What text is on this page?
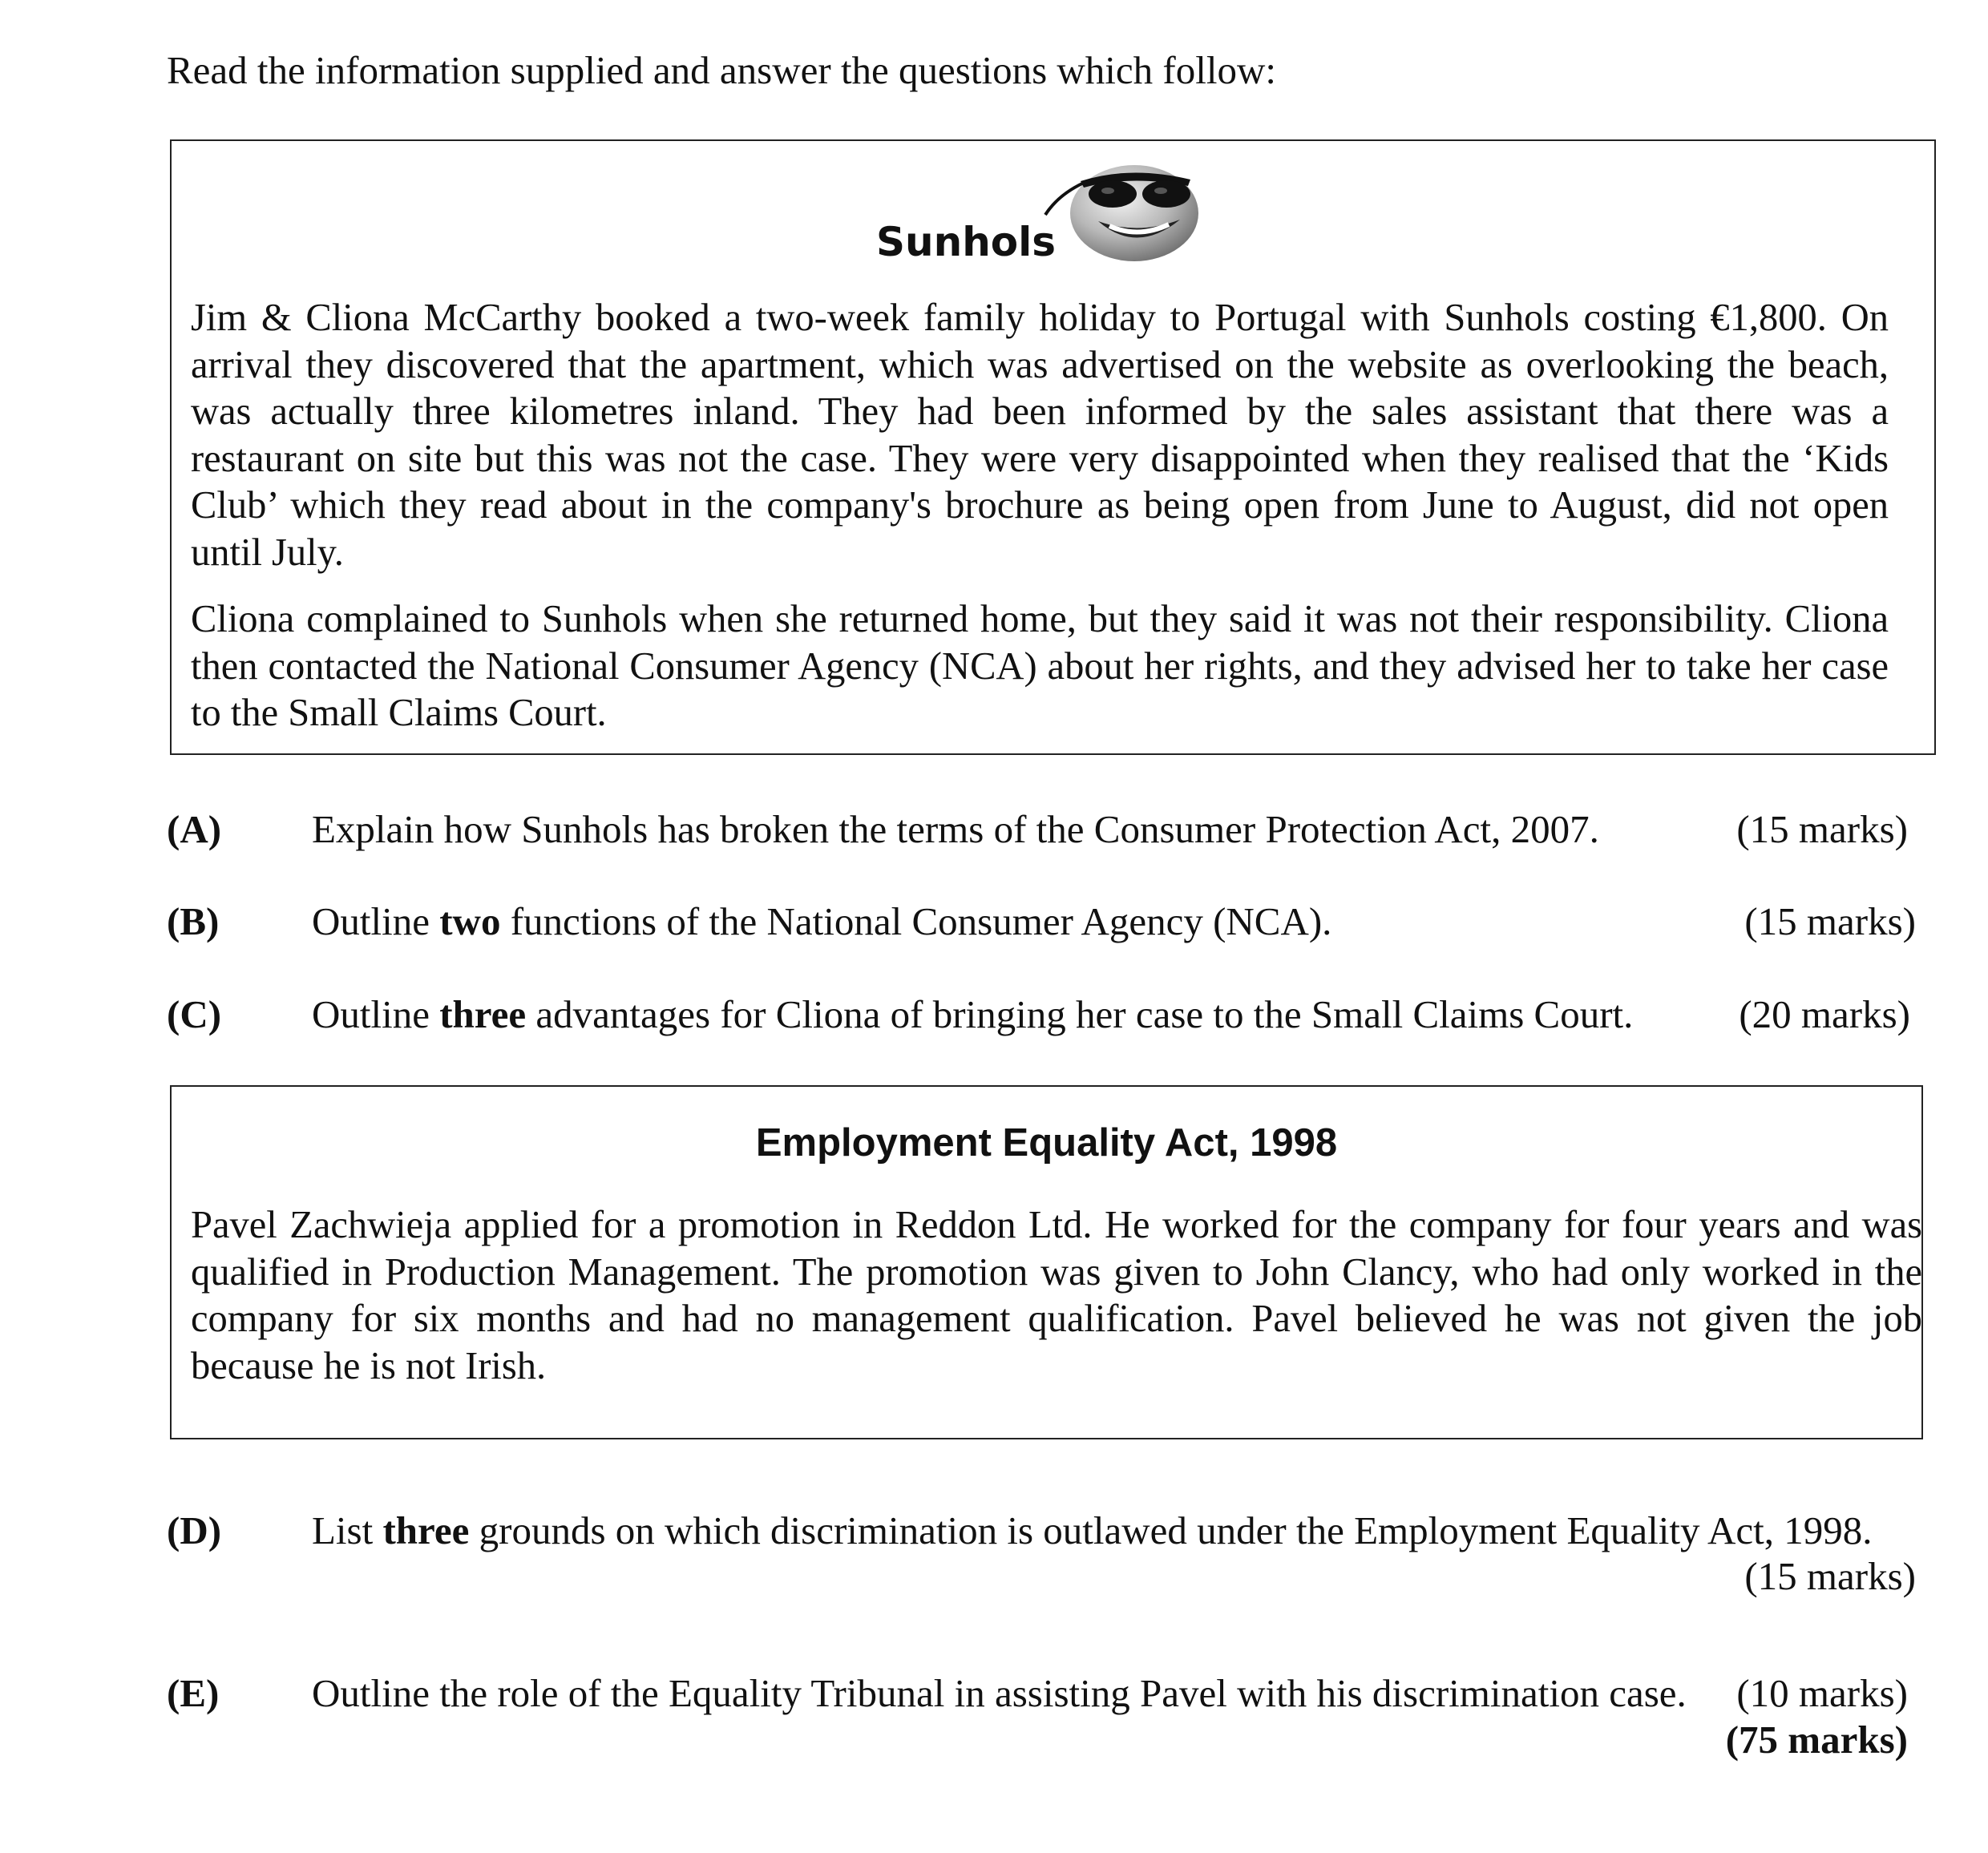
Read the information supplied and answer the questions which follow:
Sunhols
Jim & Cliona McCarthy booked a two-week family holiday to Portugal with Sunhols costing €1,800. On arrival they discovered that the apartment, which was advertised on the website as overlooking the beach, was actually three kilometres inland. They had been informed by the sales assistant that there was a restaurant on site but this was not the case. They were very disappointed when they realised that the ‘Kids Club’ which they read about in the company's brochure as being open from June to August, did not open until July.
Cliona complained to Sunhols when she returned home, but they said it was not their responsibility. Cliona then contacted the National Consumer Agency (NCA) about her rights, and they advised her to take her case to the Small Claims Court.
(A) Explain how Sunhols has broken the terms of the Consumer Protection Act, 2007.	(15 marks)
(B) Outline two functions of the National Consumer Agency (NCA).	(15 marks)
(C) Outline three advantages for Cliona of bringing her case to the Small Claims Court.	(20 marks)
Employment Equality Act, 1998
Pavel Zachwieja applied for a promotion in Reddon Ltd. He worked for the company for four years and was qualified in Production Management. The promotion was given to John Clancy, who had only worked in the company for six months and had no management qualification. Pavel believed he was not given the job because he is not Irish.
(D) List three grounds on which discrimination is outlawed under the Employment Equality Act, 1998.
(15 marks)
(E) Outline the role of the Equality Tribunal in assisting Pavel with his discrimination case.	(10 marks)
(75 marks)
